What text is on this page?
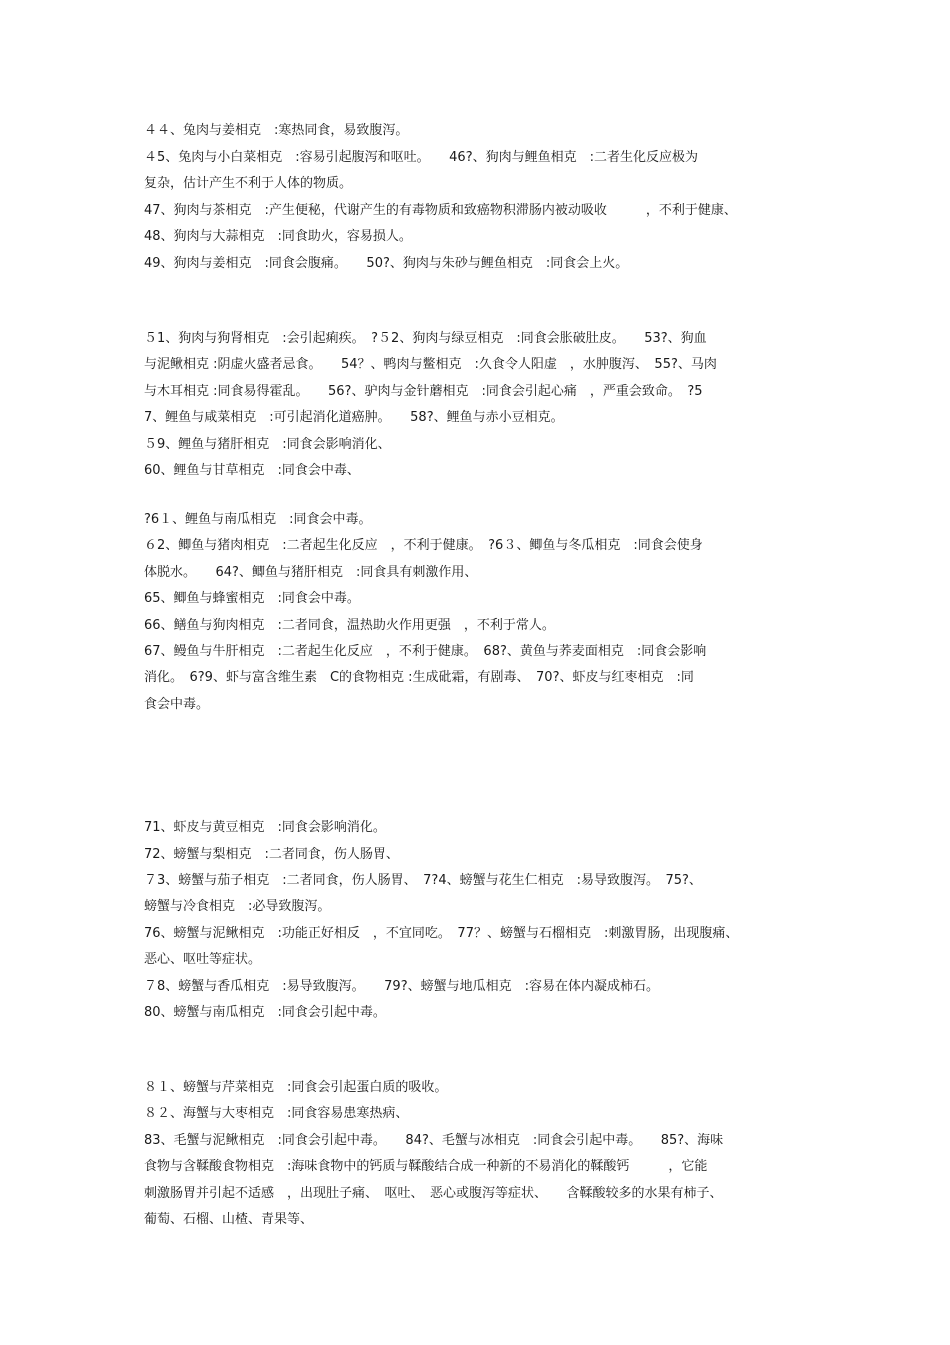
４４、兔肉与姜相克　:寒热同食，易致腹泻。
４5、兔肉与小白菜相克　:容易引起腹泻和呕吐。　　46?、狗肉与鲤鱼相克　:二者生化反应极为
复杂，估计产生不利于人体的物质。
47、狗肉与茶相克　:产生便秘，代谢产生的有毒物质和致癌物积滞肠内被动吸收　　　，不利于健康、
48、狗肉与大蒜相克　:同食助火，容易损人。
49、狗肉与姜相克　:同食会腹痛。　　50?、狗肉与朱砂与鲤鱼相克　:同食会上火。
５1、狗肉与狗肾相克　:会引起痢疾。　?５2、狗肉与绿豆相克　:同食会胀破肚皮。　　53?、狗血
与泥鳅相克 :阴虚火盛者忌食。　　54？、鸭肉与鳖相克　:久食令人阳虚　，水肿腹泻、　55?、马肉
与木耳相克 :同食易得霍乱。　　56?、驴肉与金针蘑相克　:同食会引起心痛　，严重会致命。　?5
7、鲤鱼与咸菜相克　:可引起消化道癌肿。　　58?、鲤鱼与赤小豆相克。
５9、鲤鱼与猪肝相克　:同食会影响消化、
60、鲤鱼与甘草相克　:同食会中毒、
?6１、鲤鱼与南瓜相克　:同食会中毒。
６2、鲫鱼与猪肉相克　:二者起生化反应　，不利于健康。　?6３、鲫鱼与冬瓜相克　:同食会使身
体脱水。　　64?、鲫鱼与猪肝相克　:同食具有刺激作用、
65、鲫鱼与蜂蜜相克　:同食会中毒。
66、鳝鱼与狗肉相克　:二者同食，温热助火作用更强　，不利于常人。
67、鳗鱼与牛肝相克　:二者起生化反应　，不利于健康。　68?、黄鱼与荞麦面相克　:同食会影响
消化。　6?9、虾与富含维生素　C的食物相克 :生成砒霜，有剧毒、　70?、虾皮与红枣相克　:同
食会中毒。
71、虾皮与黄豆相克　:同食会影响消化。
72、螃蟹与梨相克　:二者同食，伤人肠胃、
７3、螃蟹与茄子相克　:二者同食，伤人肠胃、　7?4、螃蟹与花生仁相克　:易导致腹泻。　75?、
螃蟹与冷食相克　:必导致腹泻。
76、螃蟹与泥鳅相克　:功能正好相反　，不宜同吃。　77？、螃蟹与石榴相克　:刺激胃肠，出现腹痛、
恶心、呕吐等症状。
７8、螃蟹与香瓜相克　:易导致腹泻。　　79?、螃蟹与地瓜相克　:容易在体内凝成柿石。
80、螃蟹与南瓜相克　:同食会引起中毒。
８１、螃蟹与芹菜相克　:同食会引起蛋白质的吸收。
８２、海蟹与大枣相克　:同食容易患寒热病、
83、毛蟹与泥鳅相克　:同食会引起中毒。　　84?、毛蟹与冰相克　:同食会引起中毒。　　85?、海味
食物与含鞣酸食物相克　:海味食物中的钙质与鞣酸结合成一种新的不易消化的鞣酸钙　　　，它能
刺激肠胃并引起不适感　，出现肚子痛、　呕吐、　恶心或腹泻等症状、　　含鞣酸较多的水果有柿子、
葡萄、石榴、山楂、青果等、
